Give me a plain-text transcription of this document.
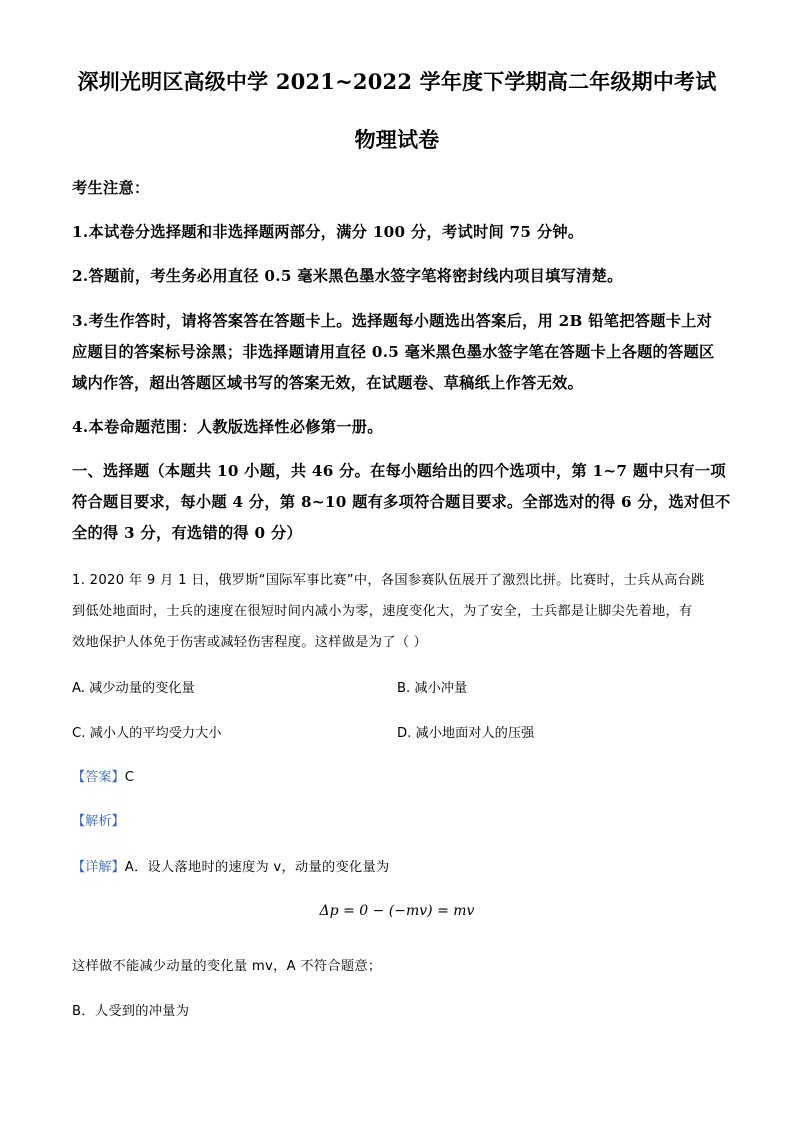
深圳光明区高级中学 2021~2022 学年度下学期高二年级期中考试
物理试卷
考生注意：
1.本试卷分选择题和非选择题两部分，满分 100 分，考试时间 75 分钟。
2.答题前，考生务必用直径 0.5 毫米黑色墨水签字笔将密封线内项目填写清楚。
3.考生作答时，请将答案答在答题卡上。选择题每小题选出答案后，用 2B 铅笔把答题卡上对
应题目的答案标号涂黑；非选择题请用直径 0.5 毫米黑色墨水签字笔在答题卡上各题的答题区
域内作答，超出答题区域书写的答案无效，在试题卷、草稿纸上作答无效。
4.本卷命题范围：人教版选择性必修第一册。
一、选择题（本题共 10 小题，共 46 分。在每小题给出的四个选项中，第 1~7 题中只有一项
符合题目要求，每小题 4 分，第 8~10 题有多项符合题目要求。全部选对的得 6 分，选对但不
全的得 3 分，有选错的得 0 分）
1. 2020 年 9 月 1 日，俄罗斯“国际军事比赛”中，各国参赛队伍展开了激烈比拼。比赛时，士兵从高台跳
到低处地面时，士兵的速度在很短时间内减小为零，速度变化大，为了安全，士兵都是让脚尖先着地，有
效地保护人体免于伤害或减轻伤害程度。这样做是为了（ ）
A. 减少动量的变化量	B. 减小冲量
C. 减小人的平均受力大小	D. 减小地面对人的压强
【答案】C
【解析】
【详解】A．设人落地时的速度为 v，动量的变化量为
Δp = 0 − (−mv) = mv
这样做不能减少动量的变化量 mv，A 不符合题意；
B．人受到的冲量为
